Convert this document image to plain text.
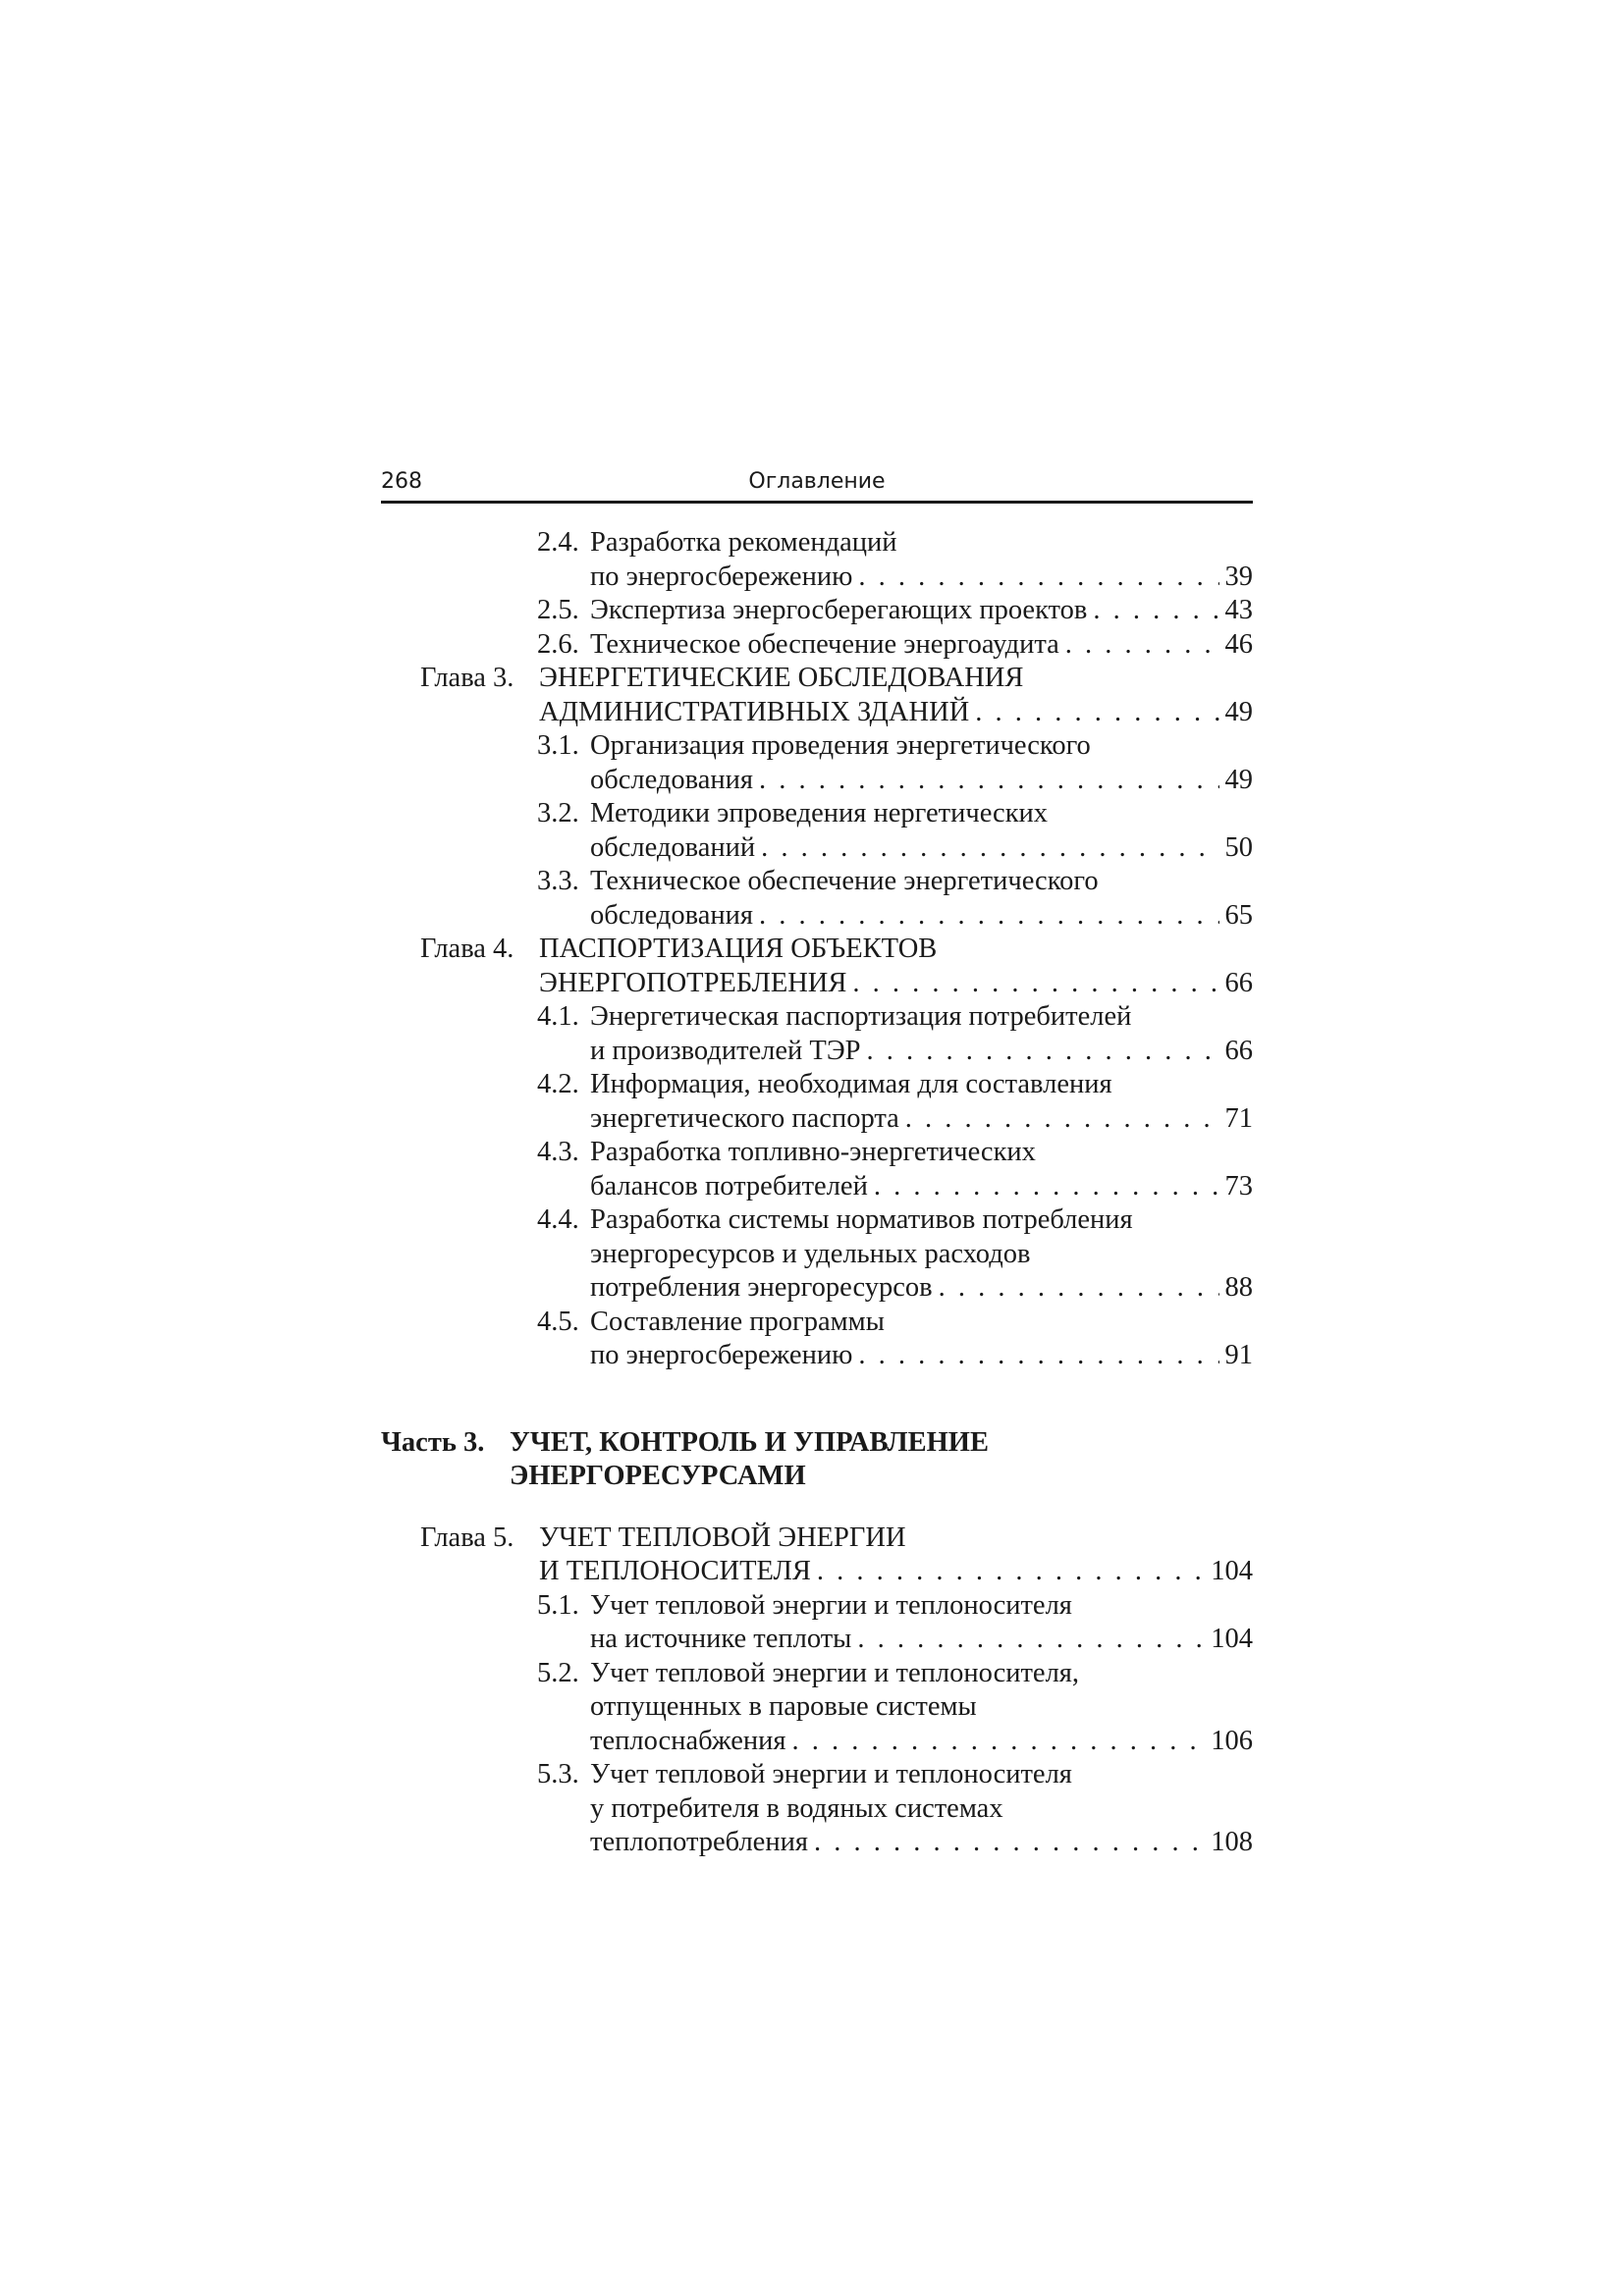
268	Оглавление
2.4. Разработка рекомендаций
по энергосбережению . . .	39
2.5. Экспертиза энергосберегающих проектов . . .	43
2.6. Техническое обеспечение энергоаудита . . .	46
Глава 3. ЭНЕРГЕТИЧЕСКИЕ ОБСЛЕДОВАНИЯ
АДМИНИСТРАТИВНЫХ ЗДАНИЙ . . .	49
3.1. Организация проведения энергетического
обследования . . .	49
3.2. Методики эпроведения нергетических
обследований . . .	50
3.3. Техническое обеспечение энергетического
обследования . . .	65
Глава 4. ПАСПОРТИЗАЦИЯ ОБЪЕКТОВ
ЭНЕРГОПОТРЕБЛЕНИЯ . . .	66
4.1. Энергетическая паспортизация потребителей
и производителей ТЭР . . .	66
4.2. Информация, необходимая для составления
энергетического паспорта . . .	71
4.3. Разработка топливно-энергетических
балансов потребителей . . .	73
4.4. Разработка системы нормативов потребления
энергоресурсов и удельных расходов
потребления энергоресурсов . . .	88
4.5. Составление программы
по энергосбережению . . .	91
Часть 3. УЧЕТ, КОНТРОЛЬ И УПРАВЛЕНИЕ
ЭНЕРГОРЕСУРСАМИ
Глава 5. УЧЕТ ТЕПЛОВОЙ ЭНЕРГИИ
И ТЕПЛОНОСИТЕЛЯ . . .	104
5.1. Учет тепловой энергии и теплоносителя
на источнике теплоты . . .	104
5.2. Учет тепловой энергии и теплоносителя,
отпущенных в паровые системы
теплоснабжения . . .	106
5.3. Учет тепловой энергии и теплоносителя
у потребителя в водяных системах
теплопотребления . . .	108
